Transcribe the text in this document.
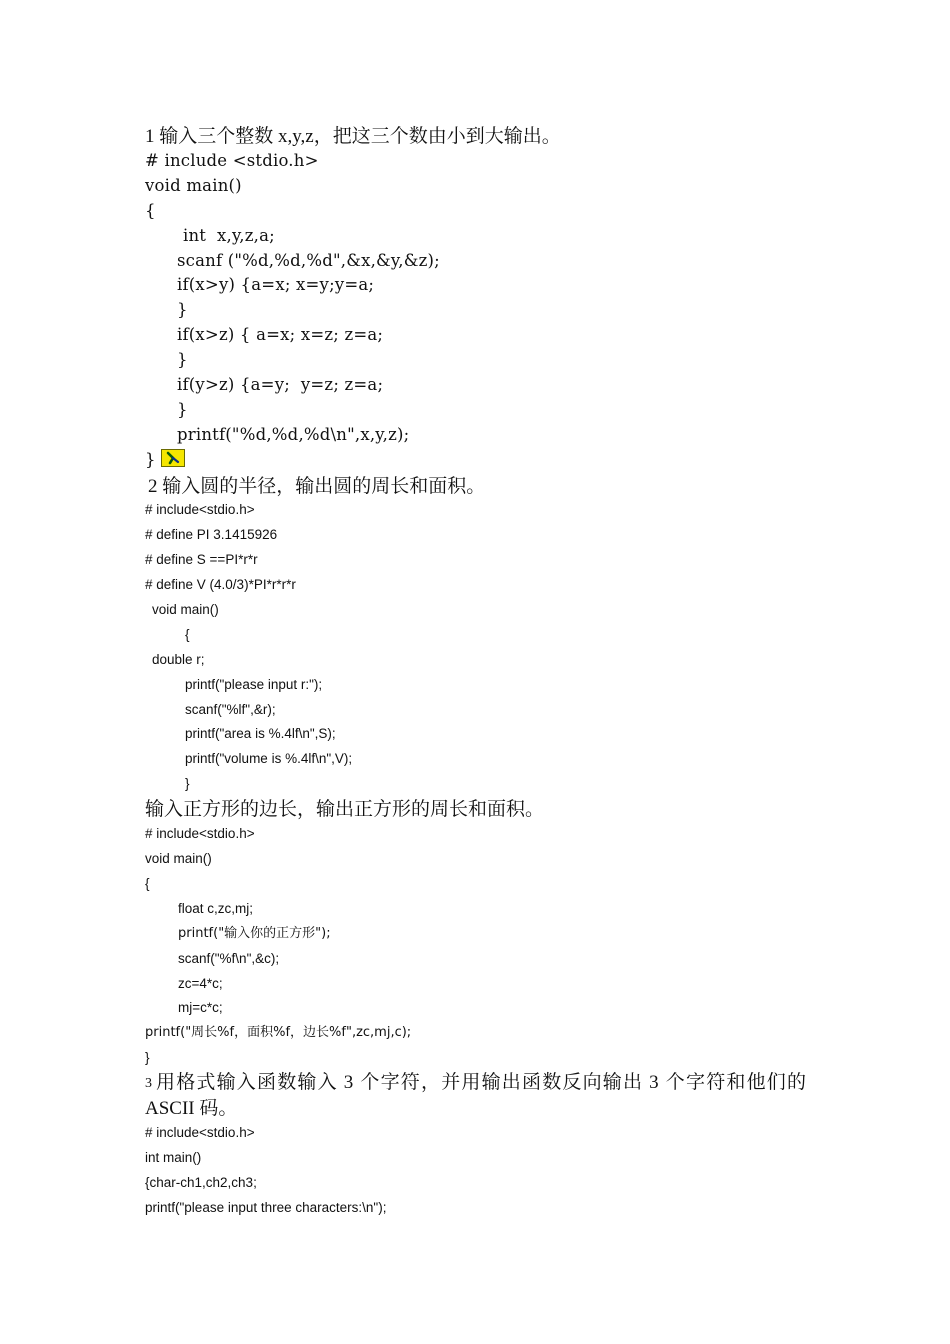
1 输入三个整数 x,y,z，把这三个数由小到大输出。
# include <stdio.h>
void main()
{
int  x,y,z,a;
scanf ("%d,%d,%d",&x,&y,&z);
if(x>y) {a=x; x=y;y=a;
}
if(x>z) { a=x; x=z; z=a;
}
if(y>z) {a=y;  y=z; z=a;
}
printf("%d,%d,%d\n",x,y,z);
}
2 输入圆的半径，输出圆的周长和面积。
# include<stdio.h>
# define PI 3.1415926
# define S ==PI*r*r
# define V (4.0/3)*PI*r*r*r
void main()
{
double r;
printf("please input r:");
scanf("%lf",&r);
printf("area is %.4lf\n",S);
printf("volume is %.4lf\n",V);
}
输入正方形的边长，输出正方形的周长和面积。
# include<stdio.h>
void main()
{
float c,zc,mj;
printf("输入你的正方形");
scanf("%f\n",&c);
zc=4*c;
mj=c*c;
printf("周长%f，面积%f，边长%f",zc,mj,c);
}
3 用格式输入函数输入 3 个字符，并用输出函数反向输出 3 个字符和他们的
ASCII 码。
# include<stdio.h>
int main()
{char-ch1,ch2,ch3;
printf("please input three characters:\n");
